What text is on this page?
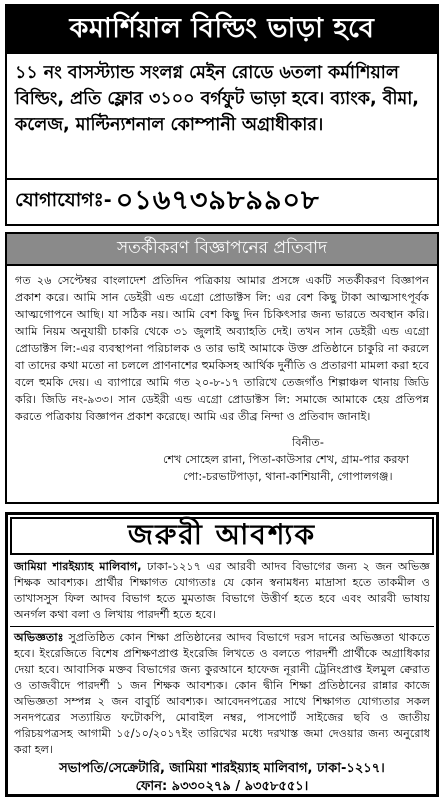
কমার্শিয়াল বিল্ডিং ভাড়া হবে
১১ নং বাসস্ট্যান্ড সংলগ্ন মেইন রোডে ৬তলা কর্মাশিয়াল বিল্ডিং, প্রতি ফ্লোর ৩১০০ বর্গফুট ভাড়া হবে। ব্যাংক, বীমা, কলেজ, মাল্টিন্যশনাল কোম্পানী অগ্রাধীকার।
যোগাযোগঃ- ০১৬৭৩৯৮৯৯০৮
সতর্কীকরণ বিজ্ঞাপনের প্রতিবাদ
গত ২৬ সেপ্টেম্বর বাংলাদেশ প্রতিদিন পত্রিকায় আমার প্রসঙ্গে একটি সতর্কীকরণ বিজ্ঞাপন প্রকাশ করে। আমি সান ডেইরী এন্ড এগ্রো প্রোডাক্টস লি: এর বেশ কিছু টাকা আত্মসাৎপূর্বক আত্মগোপনে আছি। যা সঠিক নয়। আমি বেশ কিছু দিন চিকিৎসার জন্য ভারতে অবস্থান করি। আমি নিয়ম অনুযায়ী চাকরি থেকে ৩১ জুলাই অব্যাহতি দেই। তখন সান ডেইরী এন্ড এগ্রো প্রোডাক্টস লি:-এর ব্যবস্থাপনা পরিচালক ও তার ভাই আমাকে উক্ত প্রতিষ্ঠানে চাকুরি না করলে বা তাদের কথা মতো না চললে প্রাণনাশের হুমকিসহ আর্থিক দুর্নীতি ও প্রতারণা মামলা করা হবে বলে হুমকি দেয়। এ ব্যাপারে আমি গত ২০-৮-১৭ তারিখে তেজগাঁও শিল্পাঞ্চল থানায় জিডি করি। জিডি নং-৯৩৩। সান ডেইরী এন্ড এগ্রো প্রোডাক্টস লি: সমাজে আমাকে হেয় প্রতিপন্ন করতে পত্রিকায় বিজ্ঞাপন প্রকাশ করেছে। আমি এর তীব্র নিন্দা ও প্রতিবাদ জানাই।
বিনীত-
শেখ সোহেল রানা, পিতা-কাউসার শেখ, গ্রাম-পার করফা
পো:-চরভাটপাড়া, থানা-কাশিয়ানী, গোপালগঞ্জ।
জরুরী আবশ্যক
জামিয়া শারইয়্যাহ মালিবাগ, ঢাকা-১২১৭ এর আরবী আদব বিভাগের জন্য ২ জন অভিজ্ঞ শিক্ষক আবশ্যক। প্রার্থীর শিক্ষাগত যোগ্যতাঃ যে কোন স্বনামধন্য মাদ্রাসা হতে তাকমীল ও তাখাসসুস ফিল আদব বিভাগ হতে মুমতাজ বিভাগে উত্তীর্ণ হতে হবে এবং আরবী ভাষায় অনর্গল কথা বলা ও লিখায় পারদর্শী হতে হবে।
অভিজ্ঞতাঃ সুপ্রতিষ্ঠিত কোন শিক্ষা প্রতিষ্ঠানের আদব বিভাগে দরস দানের অভিজ্ঞতা থাকতে হবে। ইংরেজিতে বিশেষ প্রশিক্ষণপ্রাপ্ত ইংরেজি লিখতে ও বলতে পারদর্শী প্রার্থীকে অগ্রাধিকার দেয়া হবে। আবাসিক মক্তব বিভাগের জন্য কুরআনে হাফেজ নূরানী ট্রেনিংপ্রাপ্ত ইলমুল ক্বেরাত ও তাজবীদে পারদর্শী ১ জন শিক্ষক আবশ্যক। কোন দ্বীনি শিক্ষা প্রতিষ্ঠানের রান্নার কাজে অভিজ্ঞতা সম্পন্ন ২ জন বাবুর্চি আবশ্যক। আবেদনপত্রের সাথে শিক্ষাগত যোগ্যতার সকল সনদপত্রের সত্যায়িত ফটোকপি, মোবাইল নম্বর, পাসপোর্ট সাইজের ছবি ও জাতীয় পরিচয়পত্রসহ আগামী ১৫/১০/২০১৭ইং তারিখের মধ্যে দরখাস্ত জমা দেওয়ার জন্য অনুরোধ করা হল।
সভাপতি/সেক্রেটারি, জামিয়া শারইয়্যাহ মালিবাগ, ঢাকা-১২১৭।
ফোন: ৯৩৩০২৭৯ / ৯৩৫৮৫৫১।
